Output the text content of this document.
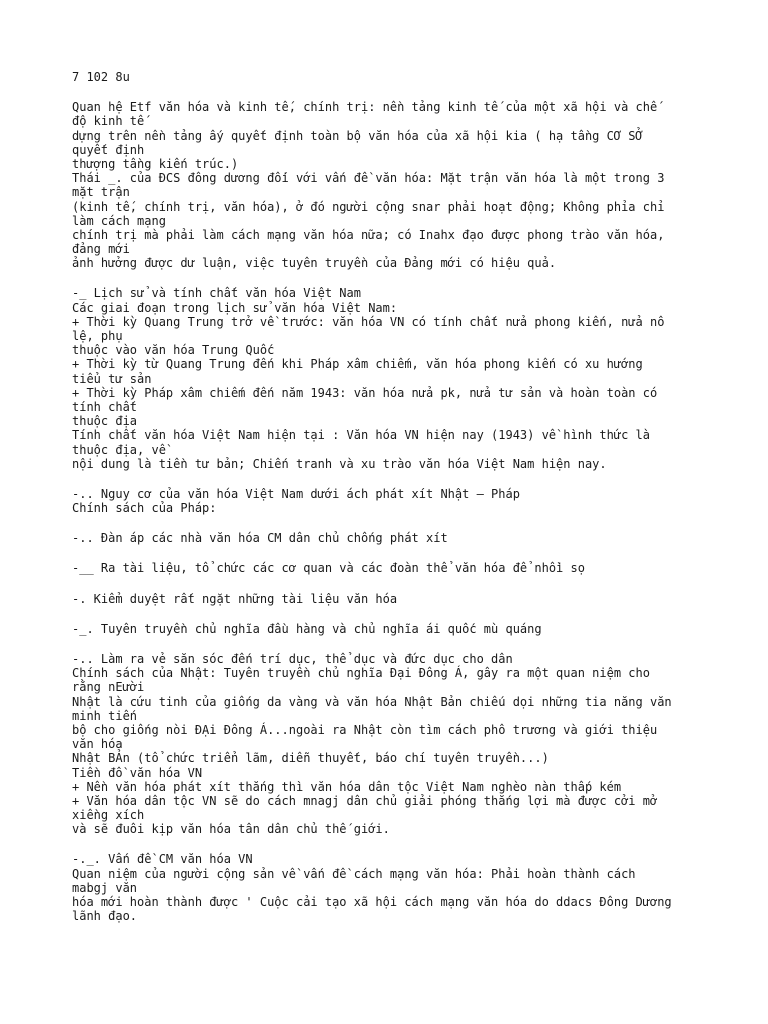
7 102 8u
Quan hệ Etf văn hóa và kinh tế, chính trị: nền tảng kinh tế của một xã hội và chế
độ kinh tế
dựng trên nền tảng ấy quyết định toàn bộ văn hóa của xã hội kia ( hạ tầng CƠ SỞ
quyết định
thượng tầng kiến trúc.)
Thái _. của ĐCS đông dương đối với vấn đề văn hóa: Mặt trận văn hóa là một trong 3
mặt trận
(kinh tế, chính trị, văn hóa), ở đó người cộng snar phải hoạt động; Không phỉa chỉ
làm cách mạng
chính trị mà phải làm cách mạng văn hóa nữa; có Inahx đạo được phong trào văn hóa,
đảng mới
ảnh hưởng được dư luận, việc tuyên truyền của Đảng mới có hiệu quả.
-_ Lịch sử và tính chất văn hóa Việt Nam
Các giai đoạn trong lịch sử văn hóa Việt Nam:
+ Thời kỳ Quang Trung trở về trước: văn hóa VN có tính chất nửa phong kiến, nửa nô
lệ, phụ
thuộc vào văn hóa Trung Quốc
+ Thời kỳ từ Quang Trung đến khi Pháp xâm chiếm, văn hóa phong kiến có xu hướng
tiểu tư sản
+ Thời kỳ Pháp xâm chiếm đến năm 1943: văn hóa nửa pk, nửa tư sản và hoàn toàn có
tính chất
thuộc địa
Tính chất văn hóa Việt Nam hiện tại : Văn hóa VN hiện nay (1943) về hình thức là
thuộc địa, về
nội dung là tiền tư bản; Chiến tranh và xu trào văn hóa Việt Nam hiện nay.
-.. Nguy cơ của văn hóa Việt Nam dưới ách phát xít Nhật — Pháp
Chính sách của Pháp:
-.. Đàn áp các nhà văn hóa CM dân chủ chống phát xít
-__ Ra tài liệu, tổ chức các cơ quan và các đoàn thể văn hóa để nhồi sọ
-. Kiểm duyệt rất ngặt những tài liệu văn hóa
-_. Tuyên truyền chủ nghĩa đầu hàng và chủ nghĩa ái quốc mù quáng
-.. Làm ra vẻ săn sóc đến trí dục, thể dục và đức dục cho dân
Chính sách của Nhật: Tuyên truyền chủ nghĩa Đại Đông Á, gây ra một quan niệm cho
rằng nEười
Nhật là cứu tinh của giống da vàng và văn hóa Nhật Bản chiếu dọi những tia năng văn
minh tiến
bộ cho giống nòi ĐẠi Đông Á...ngoài ra Nhật còn tìm cách phô trương và giới thiệu
văn hóa
Nhật BẢn (tổ chức triển lãm, diễn thuyết, báo chí tuyên truyền...)
Tiền đồ văn hóa VN
+ Nền văn hóa phát xít thắng thì văn hóa dân tộc Việt Nam nghèo nàn thấp kém
+ Văn hóa dân tộc VN sẽ do cách mnagj dân chủ giải phóng thắng lợi mà được cởi mở
xiềng xích
và sẽ đuôi kịp văn hóa tân dân chủ thế giới.
-._. Vấn đề CM văn hóa VN
Quan niệm của người cộng sản về vấn đề cách mạng văn hóa: Phải hoàn thành cách
mabgj văn
hóa mới hoàn thành được ' Cuộc cải tạo xã hội cách mạng văn hóa do ddacs Đông Dương
lãnh đạo.
